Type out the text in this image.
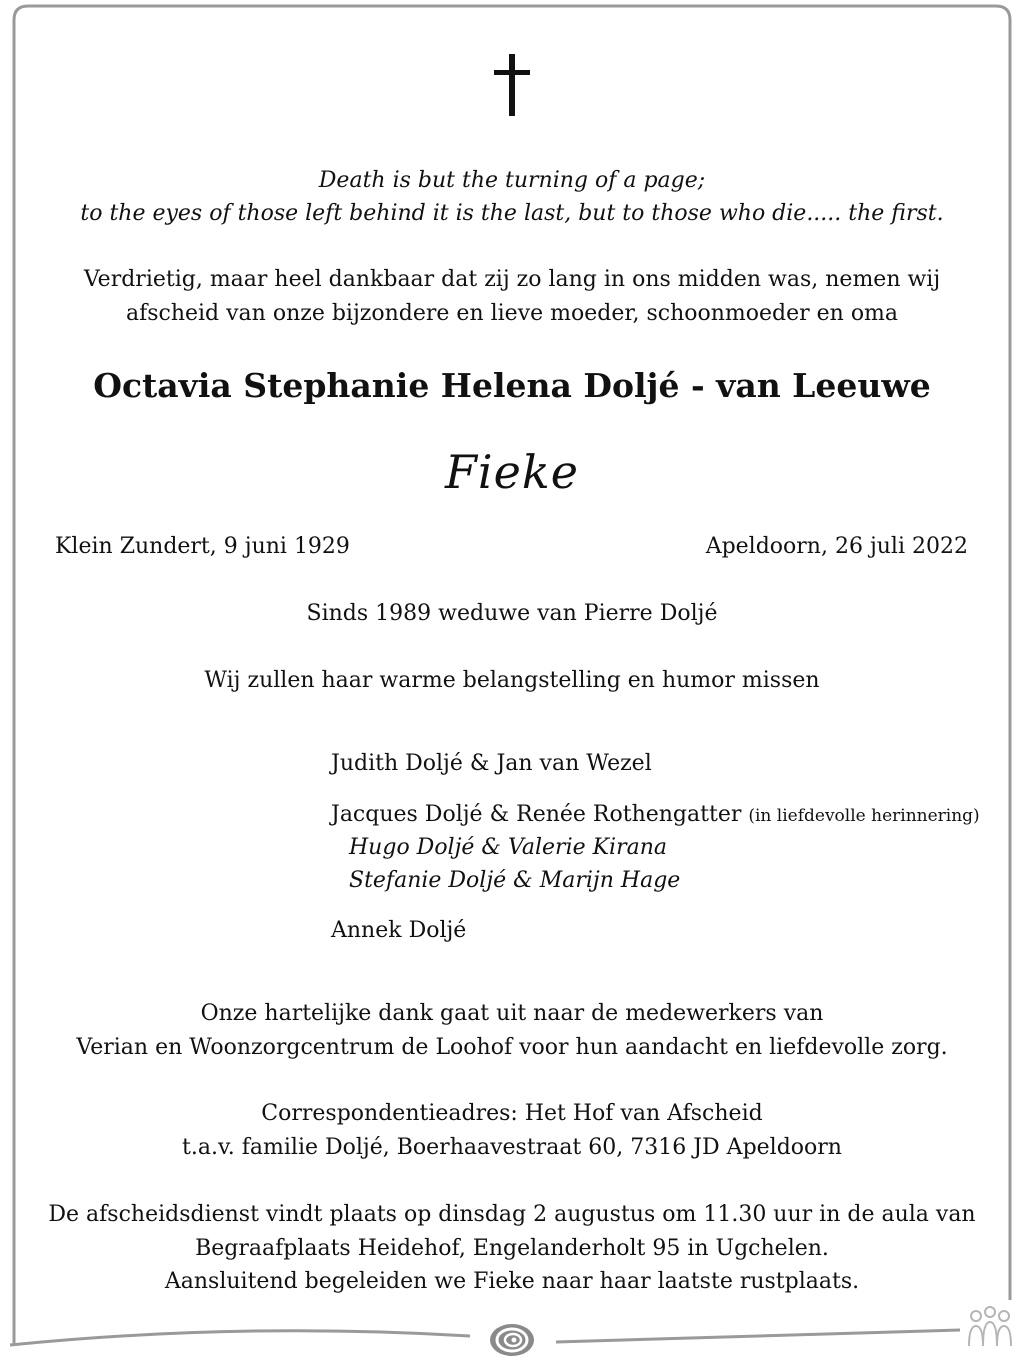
Death is but the turning of a page;
to the eyes of those left behind it is the last, but to those who die..... the first.
Verdrietig, maar heel dankbaar dat zij zo lang in ons midden was, nemen wij
afscheid van onze bijzondere en lieve moeder, schoonmoeder en oma
Octavia Stephanie Helena Doljé - van Leeuwe
Fieke
Klein Zundert, 9 juni 1929	Apeldoorn, 26 juli 2022
Sinds 1989 weduwe van Pierre Doljé
Wij zullen haar warme belangstelling en humor missen
Judith Doljé & Jan van Wezel
Jacques Doljé & Renée Rothengatter (in liefdevolle herinnering)
Hugo Doljé & Valerie Kirana
Stefanie Doljé & Marijn Hage
Annek Doljé
Onze hartelijke dank gaat uit naar de medewerkers van
Verian en Woonzorgcentrum de Loohof voor hun aandacht en liefdevolle zorg.
Correspondentieadres: Het Hof van Afscheid
t.a.v. familie Doljé, Boerhaavestraat 60, 7316 JD Apeldoorn
De afscheidsdienst vindt plaats op dinsdag 2 augustus om 11.30 uur in de aula van
Begraafplaats Heidehof, Engelanderholt 95 in Ugchelen.
Aansluitend begeleiden we Fieke naar haar laatste rustplaats.
